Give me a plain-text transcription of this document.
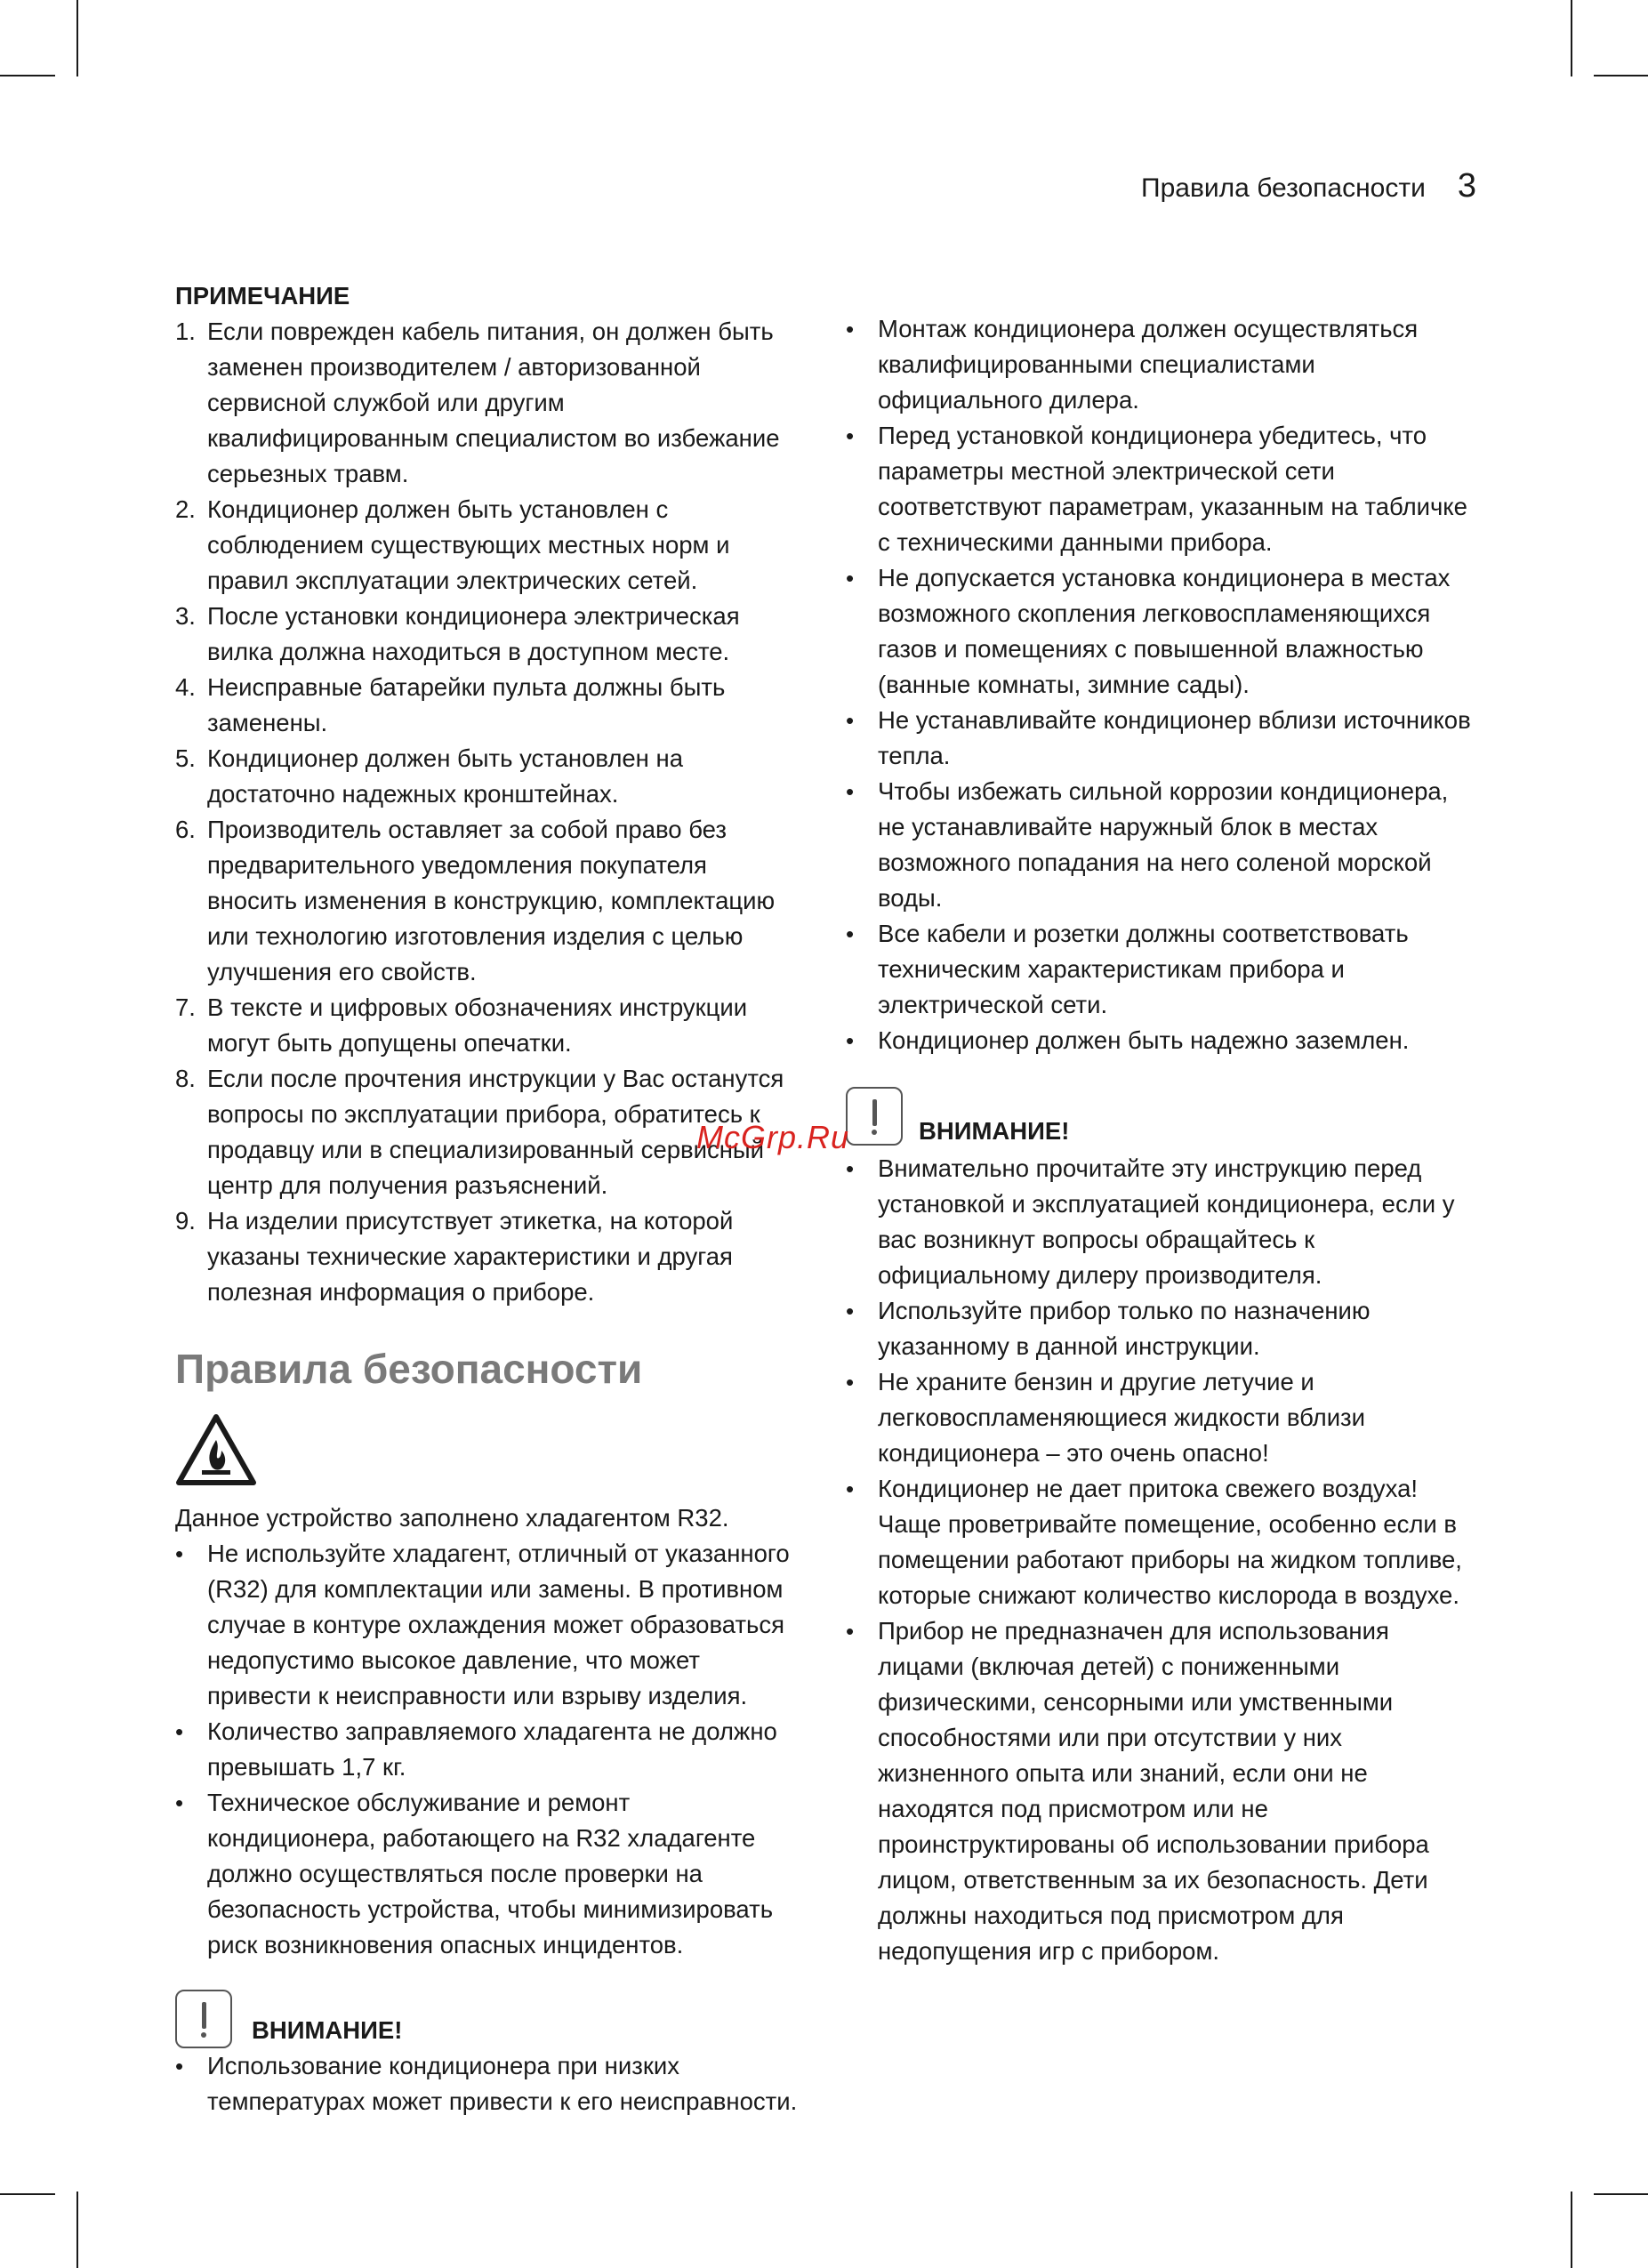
Правила безопасности 3
ПРИМЕЧАНИЕ
1. Если поврежден кабель питания, он должен быть заменен производителем / авторизованной сервисной службой или другим квалифицированным специалистом во избежание серьезных травм.
2. Кондиционер должен быть установлен с соблюдением существующих местных норм и правил эксплуатации электрических сетей.
3. После установки кондиционера электрическая вилка должна находиться в доступном месте.
4. Неисправные батарейки пульта должны быть заменены.
5. Кондиционер должен быть установлен на достаточно надежных кронштейнах.
6. Производитель оставляет за собой право без предварительного уведомления покупателя вносить изменения в конструкцию, комплектацию или технологию изготовления изделия с целью улучшения его свойств.
7. В тексте и цифровых обозначениях инструкции могут быть допущены опечатки.
8. Если после прочтения инструкции у Вас останутся вопросы по эксплуатации прибора, обратитесь к продавцу или в специализированный сервисный центр для получения разъяснений.
9. На изделии присутствует этикетка, на которой указаны технические характеристики и другая полезная информация о приборе.
Правила безопасности

Данное устройство заполнено хладагентом R32.

• Не используйте хладагент, отличный от указанного (R32) для комплектации или замены. В противном случае в контуре охлаждения может образоваться недопустимо высокое давление, что может привести к неисправности или взрыву изделия.
• Количество заправляемого хладагента не должно превышать 1,7 кг.
• Техническое обслуживание и ремонт кондиционера, работающего на R32 хладагенте должно осуществляться после проверки на безопасность устройства, чтобы минимизировать риск возникновения опасных инцидентов.
ВНИМАНИЕ!
• Использование кондиционера при низких температурах может привести к его неисправности.
• Монтаж кондиционера должен осуществляться квалифицированными специалистами официального дилера.
• Перед установкой кондиционера убедитесь, что параметры местной электрической сети соответствуют параметрам, указанным на табличке с техническими данными прибора.
• Не допускается установка кондиционера в местах возможного скопления легковоспламеняющихся газов и помещениях с повышенной влажностью (ванные комнаты, зимние сады).
• Не устанавливайте кондиционер вблизи источников тепла.
• Чтобы избежать сильной коррозии кондиционера, не устанавливайте наружный блок в местах возможного попадания на него соленой морской воды.
• Все кабели и розетки должны соответствовать техническим характеристикам прибора и электрической сети.
• Кондиционер должен быть надежно заземлен.
• Внимательно прочитайте эту инструкцию перед установкой и эксплуатацией кондиционера, если у вас возникнут вопросы обращайтесь к официальному дилеру производителя.
• Используйте прибор только по назначению указанному в данной инструкции.
• Не храните бензин и другие летучие и легковоспламеняющиеся жидкости вблизи кондиционера – это очень опасно!
• Кондиционер не дает притока свежего воздуха! Чаще проветривайте помещение, особенно если в помещении работают приборы на жидком топливе, которые снижают количество кислорода в воздухе.
• Прибор не предназначен для использования лицами (включая детей) с пониженными физическими, сенсорными или умственными способностями или при отсутствии у них жизненного опыта или знаний, если они не находятся под присмотром или не проинструктированы об использовании прибора лицом, ответственным за их безопасность. Дети должны находиться под присмотром для недопущения игр с прибором.
ВНИМАНИЕ!
McGrp.Ru
